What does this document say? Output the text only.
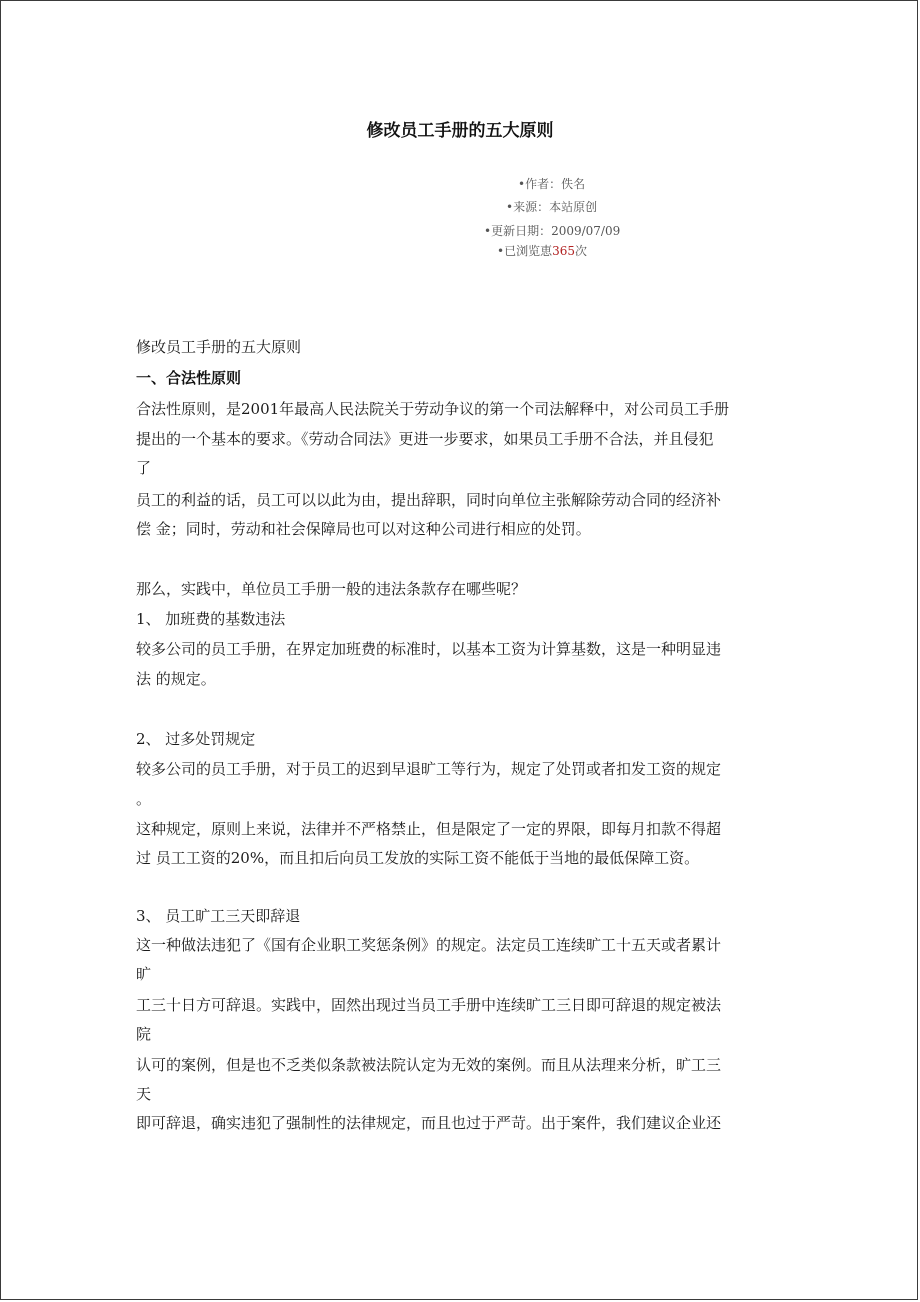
修改员工手册的五大原则
•作者：佚名
•来源：本站原创
•更新日期：2009/07/09
•已浏览恵365次
修改员工手册的五大原则
一、合法性原则
合法性原则，是2001年最高人民法院关于劳动争议的第一个司法解释中，对公司员工手册
提出的一个基本的要求。《劳动合同法》更进一步要求，如果员工手册不合法，并且侵犯
了
员工的利益的话，员工可以以此为由，提出辞职，同时向单位主张解除劳动合同的经济补
偿 金；同时，劳动和社会保障局也可以对这种公司进行相应的处罚。
那么，实践中，单位员工手册一般的违法条款存在哪些呢？
1、 加班费的基数违法
较多公司的员工手册，在界定加班费的标准时，以基本工资为计算基数，这是一种明显违
法 的规定。
2、 过多处罚规定
较多公司的员工手册，对于员工的迟到早退旷工等行为，规定了处罚或者扣发工资的规定
。
这种规定，原则上来说，法律并不严格禁止，但是限定了一定的界限，即每月扣款不得超
过 员工工资的20%，而且扣后向员工发放的实际工资不能低于当地的最低保障工资。
3、 员工旷工三天即辞退
这一种做法违犯了《国有企业职工奖惩条例》的规定。法定员工连续旷工十五天或者累计
旷
工三十日方可辞退。实践中，固然出现过当员工手册中连续旷工三日即可辞退的规定被法
院
认可的案例，但是也不乏类似条款被法院认定为无效的案例。而且从法理来分析，旷工三
天
即可辞退，确实违犯了强制性的法律规定，而且也过于严苛。出于案件，我们建议企业还
